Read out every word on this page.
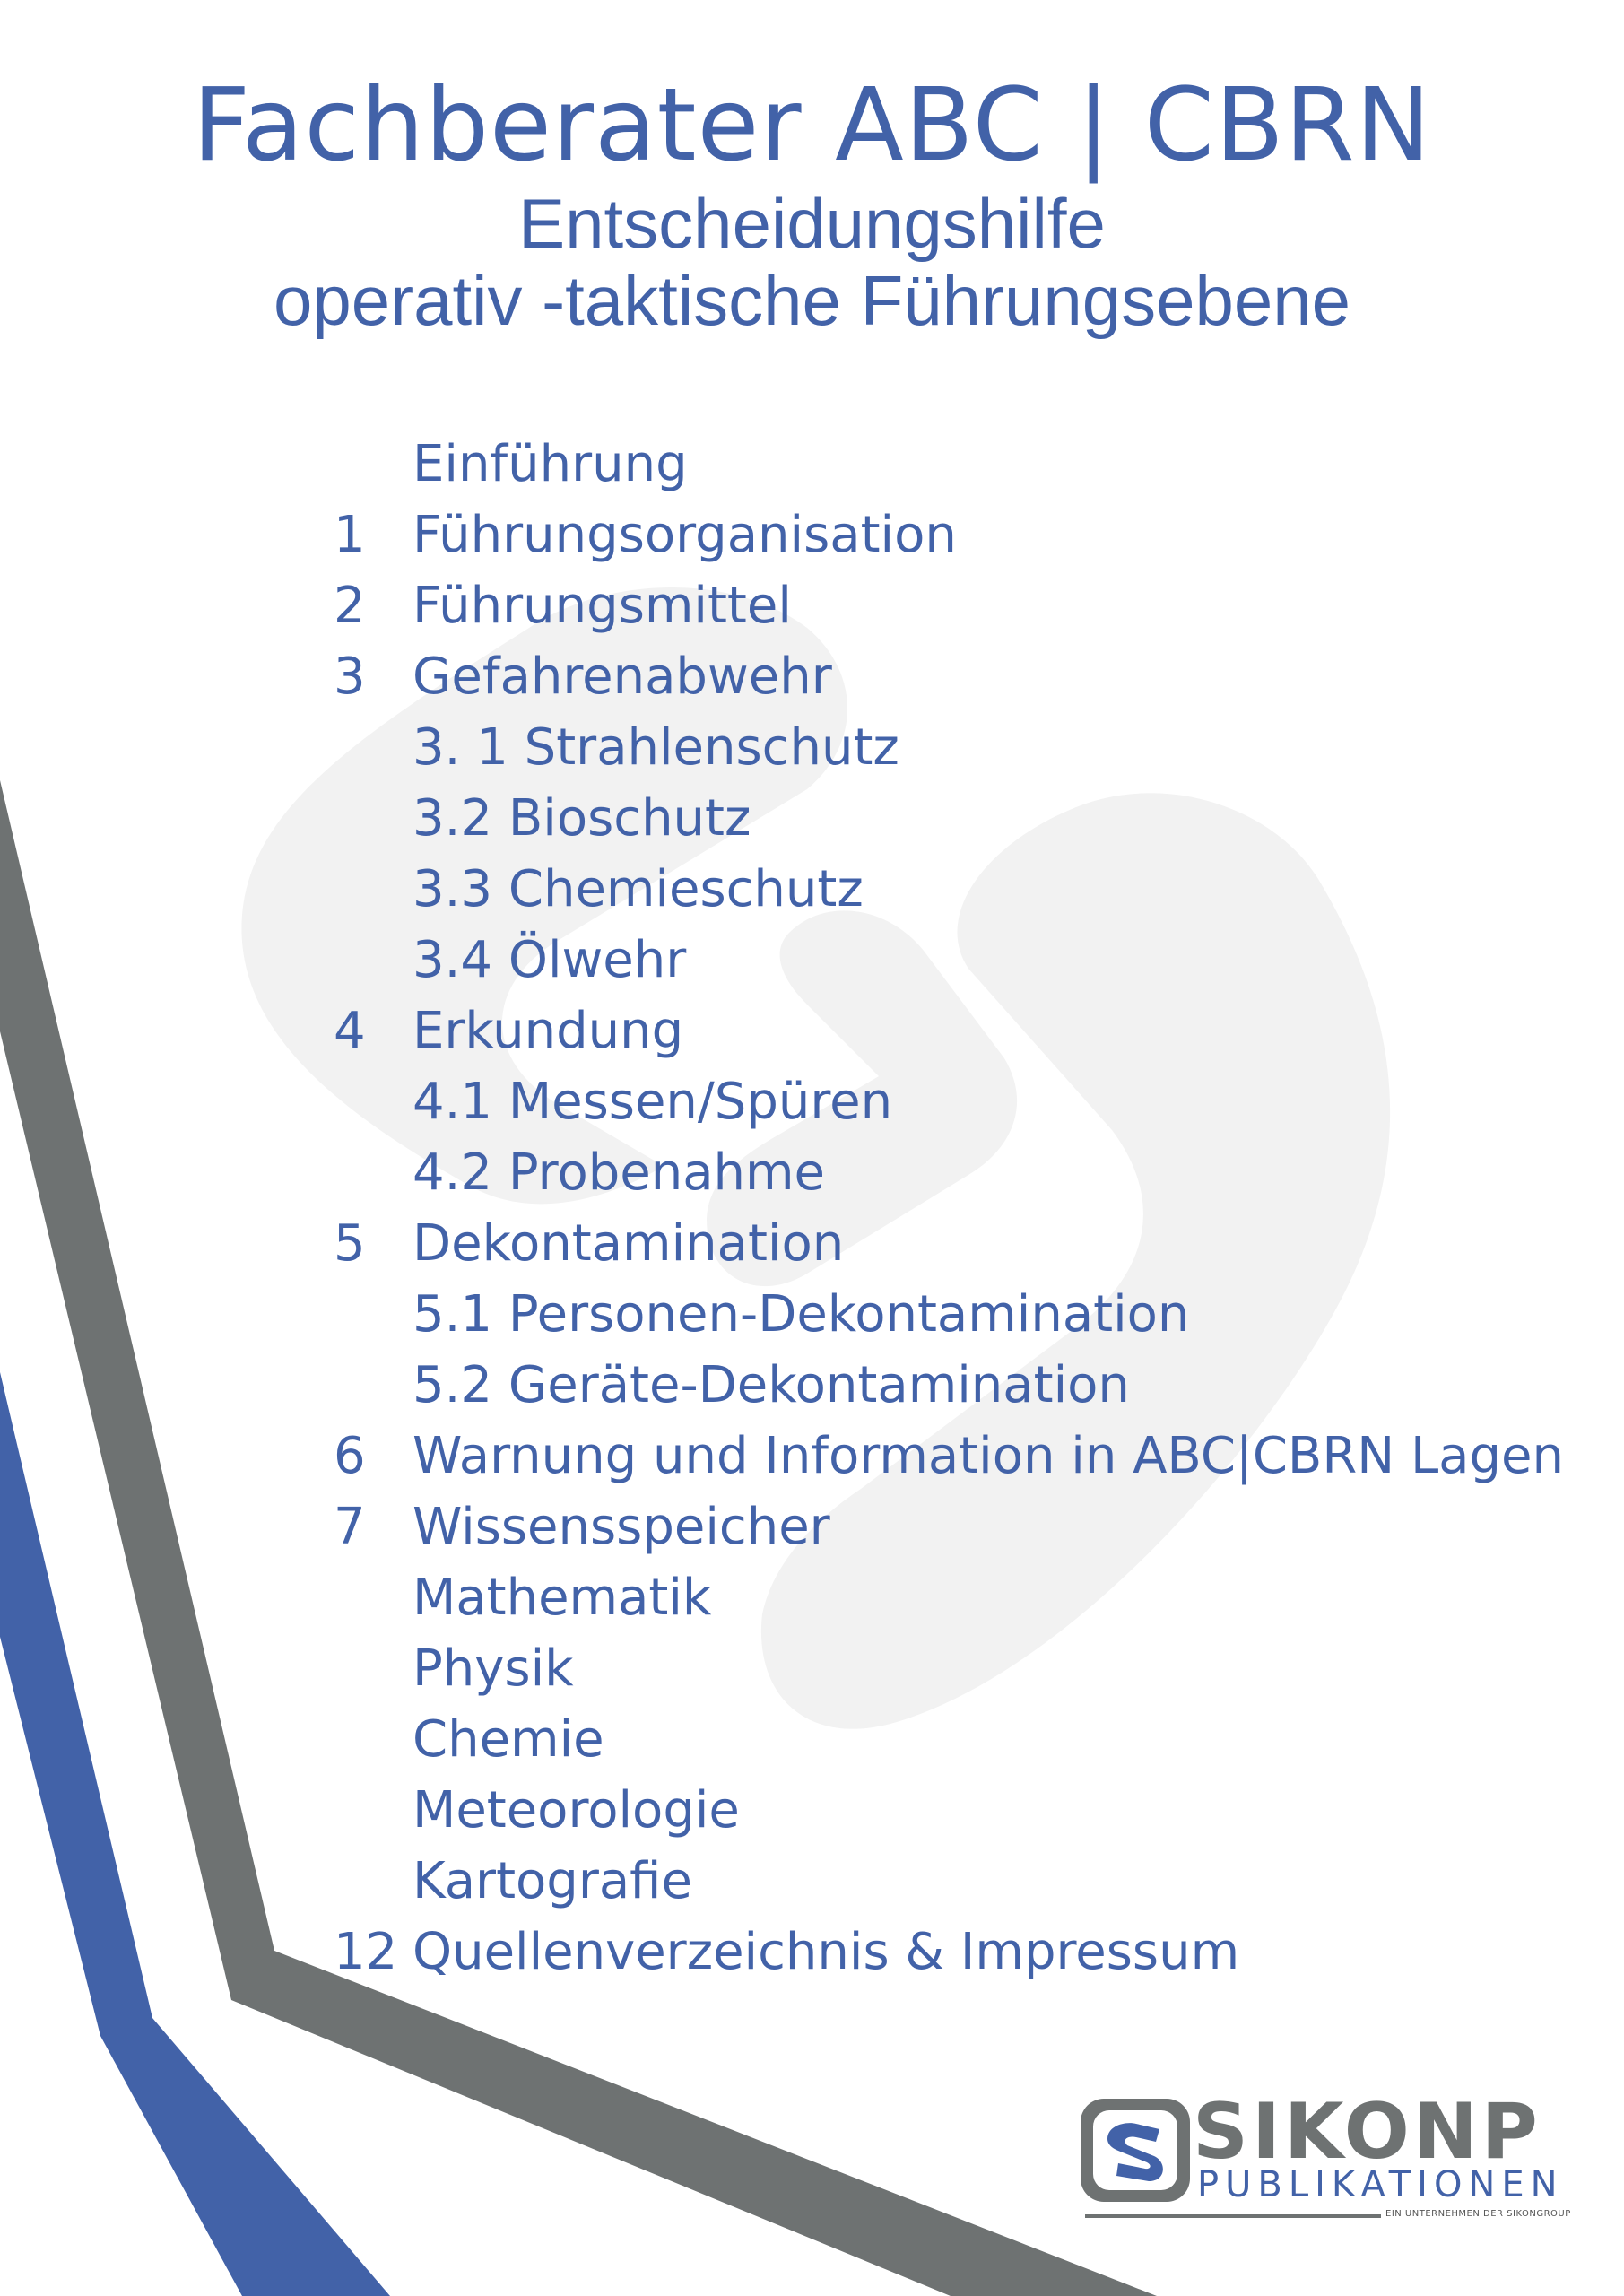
Fachberater ABC | CBRN
Entscheidungshilfe
operativ -taktische Führungsebene
Einführung
1 Führungsorganisation
2 Führungsmittel
3 Gefahrenabwehr
3. 1 Strahlenschutz
3.2 Bioschutz
3.3 Chemieschutz
3.4 Ölwehr
4 Erkundung
4.1 Messen/Spüren
4.2 Probenahme
5 Dekontamination
5.1 Personen-Dekontamination
5.2 Geräte-Dekontamination
6 Warnung und Information in ABC|CBRN Lagen
7 Wissensspeicher
Mathematik
Physik
Chemie
Meteorologie
Kartografie
12 Quellenverzeichnis & Impressum
SIKONP
PUBLIKATIONEN
EIN UNTERNEHMEN DER SIKONGROUP
